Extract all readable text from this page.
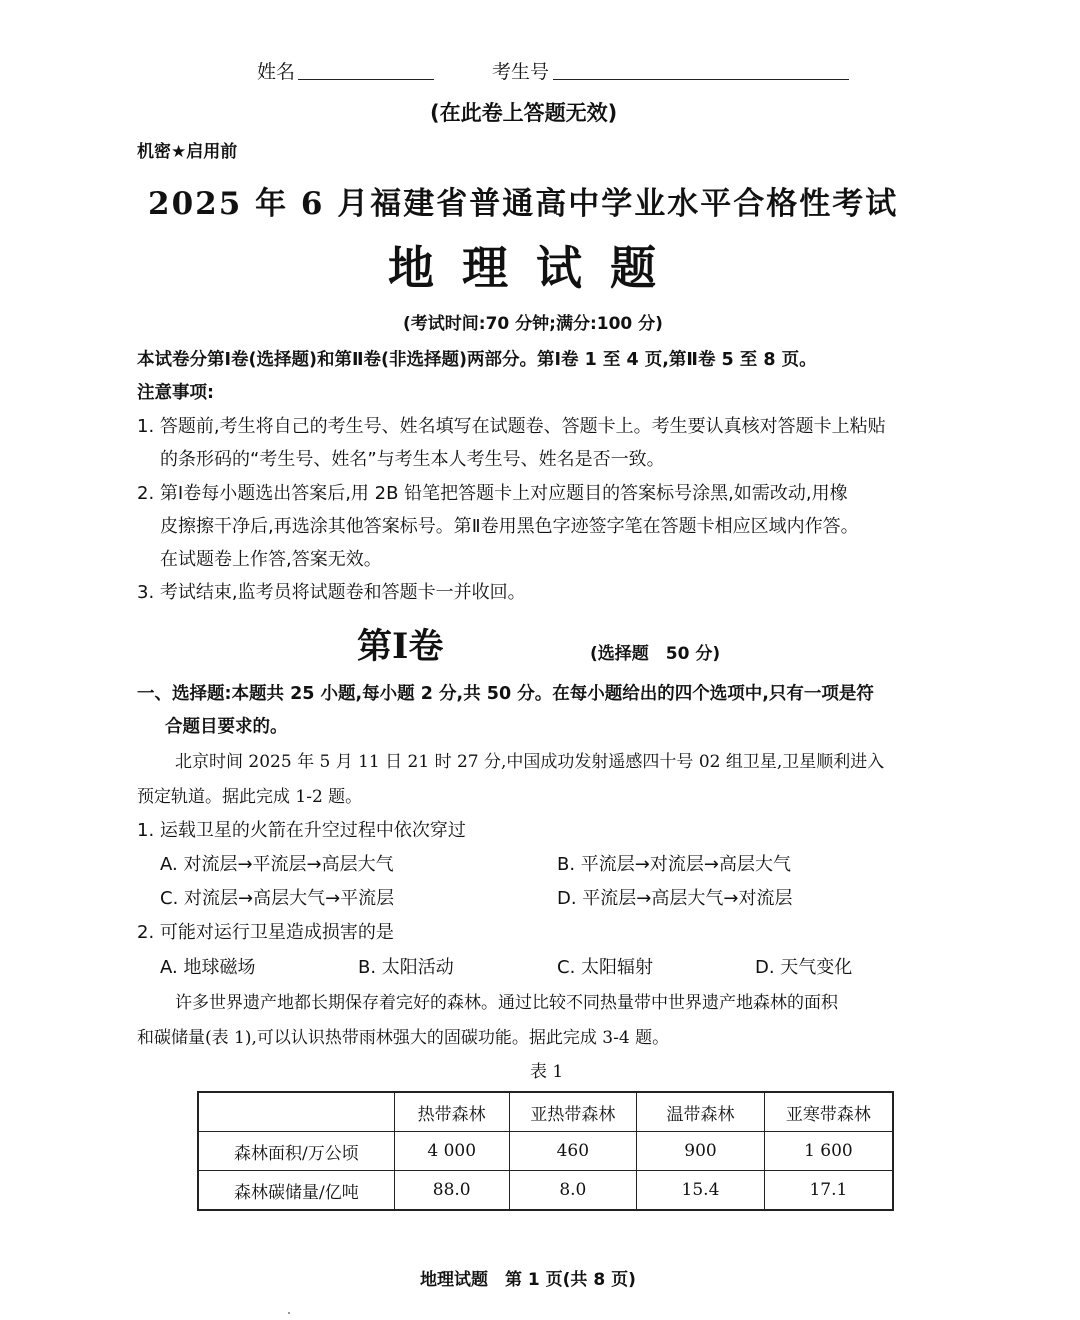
姓名	考生号
(在此卷上答题无效)
机密★启用前
2025 年 6 月福建省普通高中学业水平合格性考试
地 理 试 题
(考试时间:70 分钟;满分:100 分)
本试卷分第Ⅰ卷(选择题)和第Ⅱ卷(非选择题)两部分。第Ⅰ卷 1 至 4 页,第Ⅱ卷 5 至 8 页。
注意事项:
1. 答题前,考生将自己的考生号、姓名填写在试题卷、答题卡上。考生要认真核对答题卡上粘贴
的条形码的“考生号、姓名”与考生本人考生号、姓名是否一致。
2. 第Ⅰ卷每小题选出答案后,用 2B 铅笔把答题卡上对应题目的答案标号涂黑,如需改动,用橡
皮擦擦干净后,再选涂其他答案标号。第Ⅱ卷用黑色字迹签字笔在答题卡相应区域内作答。
在试题卷上作答,答案无效。
3. 考试结束,监考员将试题卷和答题卡一并收回。
第Ⅰ卷	(选择题　50 分)
一、选择题:本题共 25 小题,每小题 2 分,共 50 分。在每小题给出的四个选项中,只有一项是符
合题目要求的。
北京时间 2025 年 5 月 11 日 21 时 27 分,中国成功发射遥感四十号 02 组卫星,卫星顺利进入
预定轨道。据此完成 1-2 题。
1. 运载卫星的火箭在升空过程中依次穿过
A. 对流层→平流层→高层大气	B. 平流层→对流层→高层大气
C. 对流层→高层大气→平流层	D. 平流层→高层大气→对流层
2. 可能对运行卫星造成损害的是
A. 地球磁场	B. 太阳活动	C. 太阳辐射	D. 天气变化
许多世界遗产地都长期保存着完好的森林。通过比较不同热量带中世界遗产地森林的面积
和碳储量(表 1),可以认识热带雨林强大的固碳功能。据此完成 3-4 题。
表 1
	热带森林	亚热带森林	温带森林	亚寒带森林
森林面积/万公顷	4 000	460	900	1 600
森林碳储量/亿吨	88.0	8.0	15.4	17.1
地理试题　第 1 页(共 8 页)
